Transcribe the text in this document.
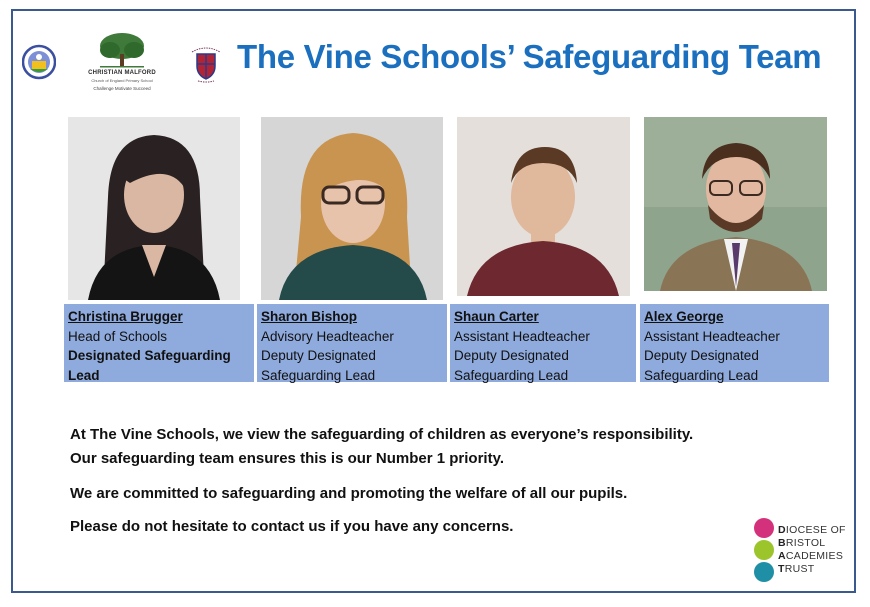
CHRISTIAN MALFORD
Church of England Primary School
Challenge Motivate Succeed
The Vine Schools’ Safeguarding Team
Christina Brugger
Head of Schools
Designated Safeguarding
Lead
Sharon Bishop
Advisory Headteacher
Deputy Designated
Safeguarding Lead
Shaun Carter
Assistant Headteacher
Deputy Designated
Safeguarding Lead
Alex George
Assistant Headteacher
Deputy Designated
Safeguarding Lead
At The Vine Schools, we view the safeguarding of children as everyone’s responsibility.
Our safeguarding team ensures this is our Number 1 priority.
We are committed to safeguarding and promoting the welfare of all our pupils.
Please do not hesitate to contact us if you have any concerns.	DIOCESE OF
BRISTOL
ACADEMIES
TRUST
